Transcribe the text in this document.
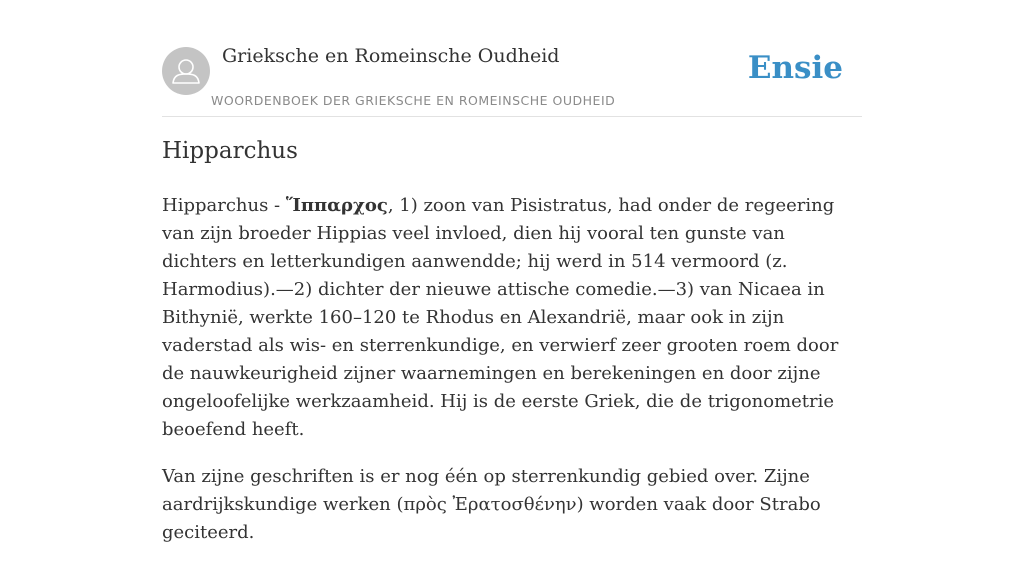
Grieksche en Romeinsche Oudheid
WOORDENBOEK DER GRIEKSCHE EN ROMEINSCHE OUDHEID
Ensie
Hipparchus

Hipparchus - Ἵππαρχος, 1) zoon van Pisistratus, had onder de regeering van zijn broeder Hippias veel invloed, dien hij vooral ten gunste van dichters en letterkundigen aanwendde; hij werd in 514 vermoord (z. Harmodius).—2) dichter der nieuwe attische comedie.—3) van Nicaea in Bithynië, werkte 160–120 te Rhodus en Alexandrië, maar ook in zijn vaderstad als wis- en sterrenkundige, en verwierf zeer grooten roem door de nauwkeurigheid zijner waarnemingen en berekeningen en door zijne ongeloofelijke werkzaamheid. Hij is de eerste Griek, die de trigonometrie beoefend heeft.

Van zijne geschriften is er nog één op sterrenkundig gebied over. Zijne aardrijkskundige werken (πρὸς Ἐρατοσθένην) worden vaak door Strabo geciteerd.
